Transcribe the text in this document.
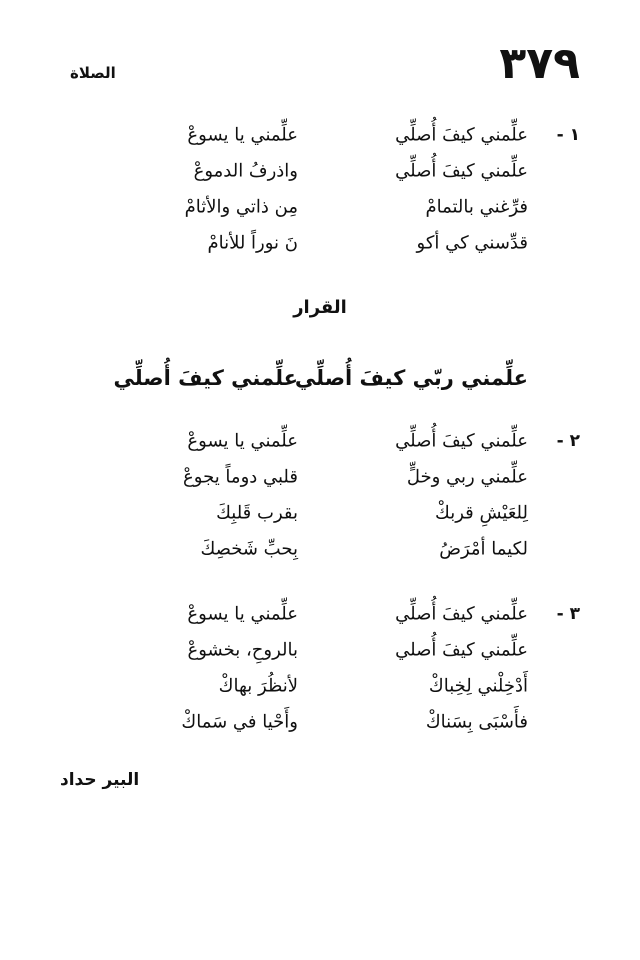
٣٧٩
الصلاة
١ -
علِّمني كيفَ أُصلِّي
علِّمني يا يسوعْ
علِّمني كيفَ أُصلِّي
واذرفُ الدموعْ
فرِّغني بالتمامْ
مِن ذاتي والأثامْ
قدِّسني كي أكو
نَ نوراً للأنامْ
القرار
علِّمني ربّي كيفَ أُصلِّي
علِّمني كيفَ أُصلِّي
٢ -
علِّمني كيفَ أُصلِّي
علِّمني يا يسوعْ
علِّمني ربي وخلٍّ
قلبي دوماً يجوعْ
لِلعَيْشِ قربكْ
بقرب قَلبِكَ
لكيما أمْرَضُ
بِحبِّ شَخصِكَ
٣ -
علِّمني كيفَ أُصلِّي
علِّمني يا يسوعْ
علِّمني كيفَ أُصلي
بالروحِ، بخشوعْ
أَدْخِلْني لِخِباكْ
لأنظُرَ بهاكْ
فأَسْبَى بِسَناكْ
وأَحْيا في سَماكْ
البير حداد
